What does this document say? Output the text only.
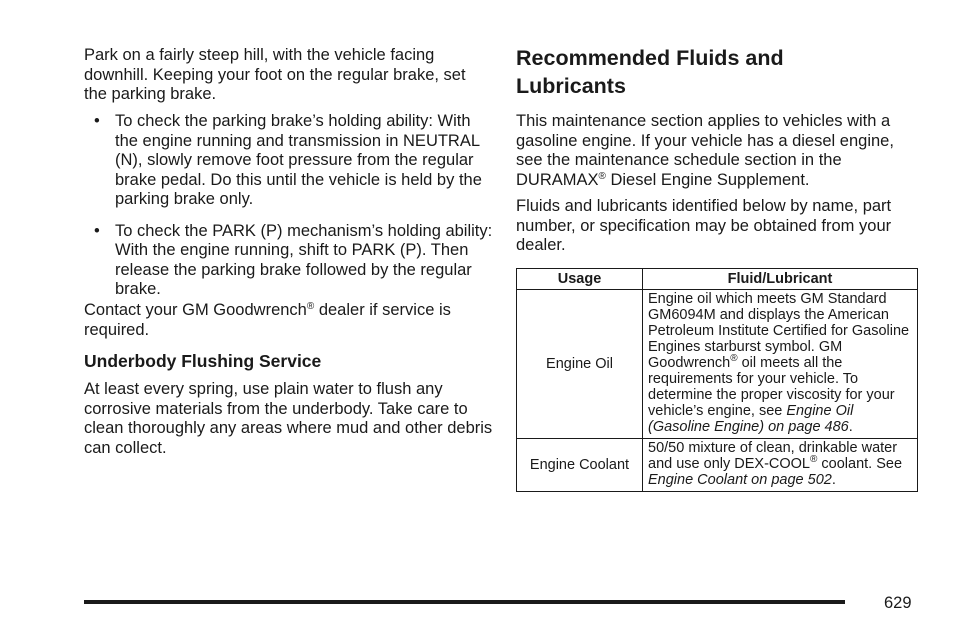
Park on a fairly steep hill, with the vehicle facing downhill. Keeping your foot on the regular brake, set the parking brake.

• To check the parking brake’s holding ability: With the engine running and transmission in NEUTRAL (N), slowly remove foot pressure from the regular brake pedal. Do this until the vehicle is held by the parking brake only.
• To check the PARK (P) mechanism’s holding ability: With the engine running, shift to PARK (P). Then release the parking brake followed by the regular brake.

Contact your GM Goodwrench® dealer if service is required.

Underbody Flushing Service

At least every spring, use plain water to flush any corrosive materials from the underbody. Take care to clean thoroughly any areas where mud and other debris can collect.

Recommended Fluids and Lubricants

This maintenance section applies to vehicles with a gasoline engine. If your vehicle has a diesel engine, see the maintenance schedule section in the DURAMAX® Diesel Engine Supplement.

Fluids and lubricants identified below by name, part number, or specification may be obtained from your dealer.

Usage	Fluid/Lubricant
Engine Oil	Engine oil which meets GM Standard GM6094M and displays the American Petroleum Institute Certified for Gasoline Engines starburst symbol. GM Goodwrench® oil meets all the requirements for your vehicle. To determine the proper viscosity for your vehicle’s engine, see Engine Oil (Gasoline Engine) on page 486.
Engine Coolant	50/50 mixture of clean, drinkable water and use only DEX-COOL® coolant. See Engine Coolant on page 502.
629
